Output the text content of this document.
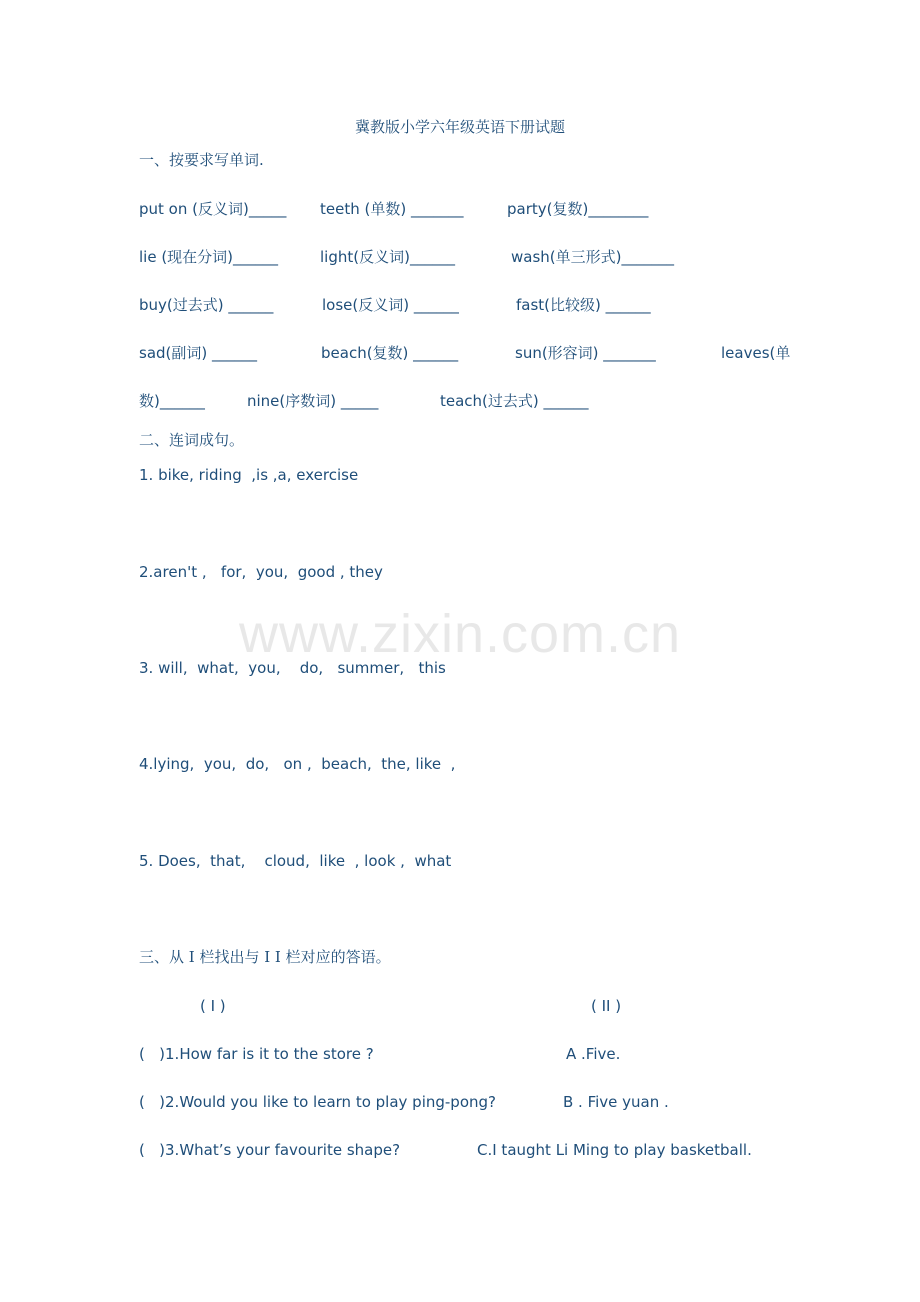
冀教版小学六年级英语下册试题
一、按要求写单词.
put on (反义词)_____ teeth (单数) _______	party(复数)________
lie (现在分词)______	light(反义词)______	wash(单三形式)_______
buy(过去式) ______	lose(反义词) ______	fast(比较级) ______
sad(副词) ______	beach(复数) ______	sun(形容词) _______	leaves(单
数)______	nine(序数词) _____	teach(过去式) ______
二、连词成句。
1. bike, riding  ,is ,a, exercise
2.aren't ,   for,  you,  good , they
3. will,  what,  you,    do,   summer,   this
4.lying,  you,  do,   on ,  beach,  the, like  ,
5. Does,  that,    cloud,  like  , look ,  what
三、从 I 栏找出与 I I 栏对应的答语。
( I )	( II )
(   )1.How far is it to the store ?	A .Five.
(   )2.Would you like to learn to play ping-pong?	B . Five yuan .
(   )3.What’s your favourite shape?	C.I taught Li Ming to play basketball.
www.zixin.com.cn
